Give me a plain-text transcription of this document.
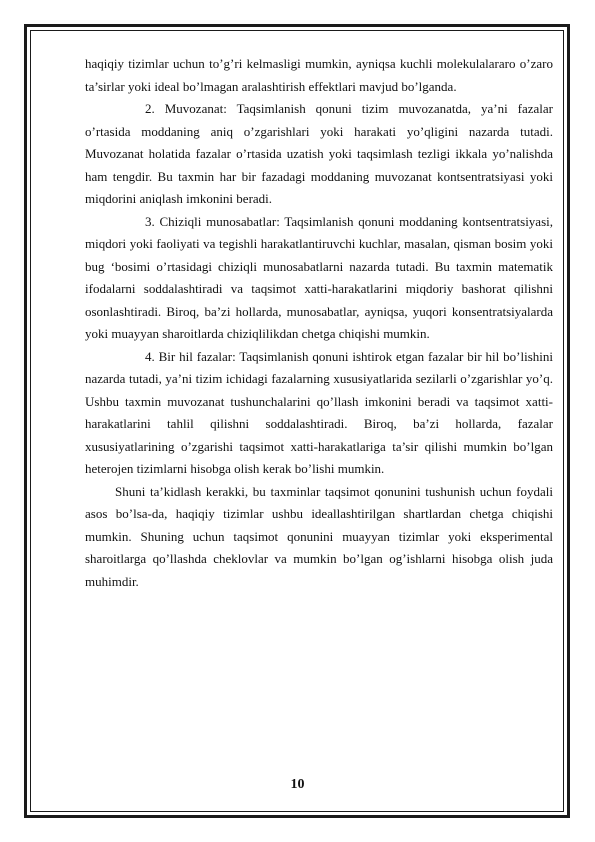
haqiqiy tizimlar uchun to’g’ri kelmasligi mumkin, ayniqsa kuchli molekulalararo o’zaro ta’sirlar yoki ideal bo’lmagan aralashtirish effektlari mavjud bo’lganda.

2. Muvozanat: Taqsimlanish qonuni tizim muvozanatda, ya’ni fazalar o’rtasida moddaning aniq o’zgarishlari yoki harakati yo’qligini nazarda tutadi. Muvozanat holatida fazalar o’rtasida uzatish yoki taqsimlash tezligi ikkala yo’nalishda ham tengdir. Bu taxmin har bir fazadagi moddaning muvozanat kontsentratsiyasi yoki miqdorini aniqlash imkonini beradi.

3. Chiziqli munosabatlar: Taqsimlanish qonuni moddaning kontsentratsiyasi, miqdori yoki faoliyati va tegishli harakatlantiruvchi kuchlar, masalan, qisman bosim yoki bug ‘bosimi o’rtasidagi chiziqli munosabatlarni nazarda tutadi. Bu taxmin matematik ifodalarni soddalashtiradi va taqsimot xatti-harakatlarini miqdoriy bashorat qilishni osonlashtiradi. Biroq, ba’zi hollarda, munosabatlar, ayniqsa, yuqori konsentratsiyalarda yoki muayyan sharoitlarda chiziqlilikdan chetga chiqishi mumkin.

4. Bir hil fazalar: Taqsimlanish qonuni ishtirok etgan fazalar bir hil bo’lishini nazarda tutadi, ya’ni tizim ichidagi fazalarning xususiyatlarida sezilarli o’zgarishlar yo’q. Ushbu taxmin muvozanat tushunchalarini qo’llash imkonini beradi va taqsimot xatti-harakatlarini tahlil qilishni soddalashtiradi. Biroq, ba’zi hollarda, fazalar xususiyatlarining o’zgarishi taqsimot xatti-harakatlariga ta’sir qilishi mumkin bo’lgan heterojen tizimlarni hisobga olish kerak bo’lishi mumkin.

Shuni ta’kidlash kerakki, bu taxminlar taqsimot qonunini tushunish uchun foydali asos bo’lsa-da, haqiqiy tizimlar ushbu ideallashtirilgan shartlardan chetga chiqishi mumkin. Shuning uchun taqsimot qonunini muayyan tizimlar yoki eksperimental sharoitlarga qo’llashda cheklovlar va mumkin bo’lgan og’ishlarni hisobga olish juda muhimdir.

10
